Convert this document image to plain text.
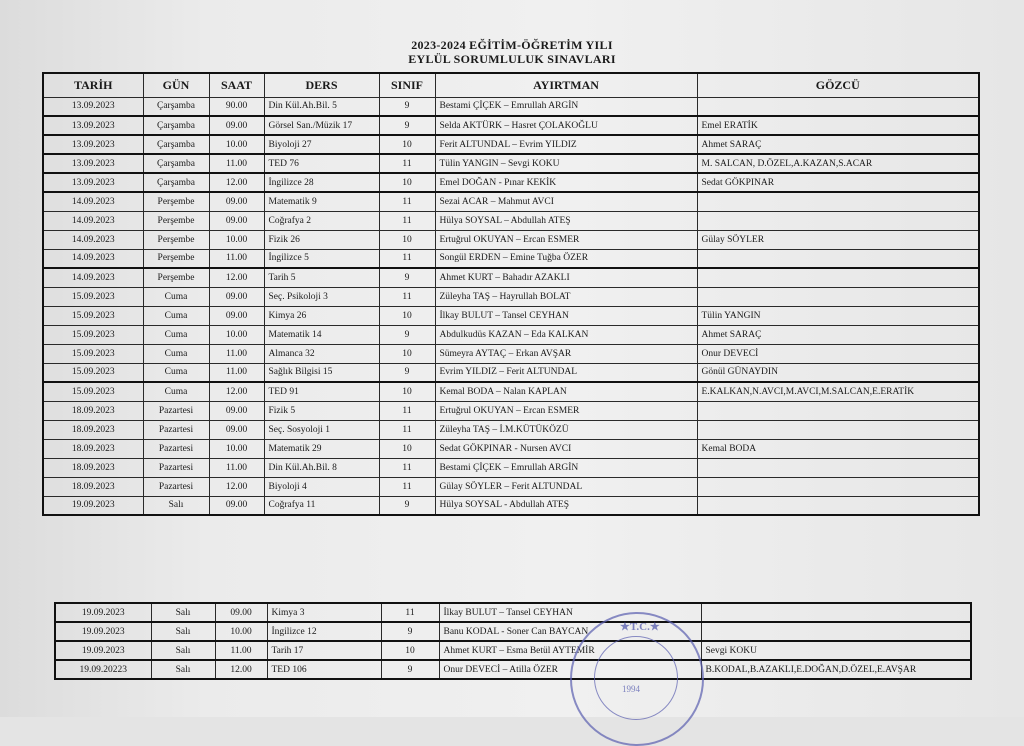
2023-2024 EĞİTİM-ÖĞRETİM YILI
EYLÜL SORUMLULUK SINAVLARI
TARİH	GÜN	SAAT	DERS	SINIF	AYIRTMAN	GÖZCÜ
13.09.2023	Çarşamba	90.00	Din Kül.Ah.Bil. 5	9	Bestami ÇİÇEK – Emrullah ARGİN	
13.09.2023	Çarşamba	09.00	Görsel San./Müzik 17	9	Selda AKTÜRK – Hasret ÇOLAKOĞLU	Emel ERATİK
13.09.2023	Çarşamba	10.00	Biyoloji 27	10	Ferit ALTUNDAL – Evrim YILDIZ	Ahmet SARAÇ
13.09.2023	Çarşamba	11.00	TED 76	11	Tülin YANGIN – Sevgi KOKU	M. SALCAN, D.ÖZEL,A.KAZAN,S.ACAR
13.09.2023	Çarşamba	12.00	İngilizce 28	10	Emel DOĞAN - Pınar KEKİK	Sedat GÖKPINAR
14.09.2023	Perşembe	09.00	Matematik 9	11	Sezai ACAR – Mahmut AVCI	
14.09.2023	Perşembe	09.00	Coğrafya 2	11	Hülya SOYSAL – Abdullah ATEŞ	
14.09.2023	Perşembe	10.00	Fizik 26	10	Ertuğrul OKUYAN – Ercan ESMER	Gülay SÖYLER
14.09.2023	Perşembe	11.00	İngilizce 5	11	Songül ERDEN – Emine Tuğba ÖZER	
14.09.2023	Perşembe	12.00	Tarih 5	9	Ahmet KURT – Bahadır AZAKLI	
15.09.2023	Cuma	09.00	Seç. Psikoloji 3	11	Züleyha TAŞ – Hayrullah BOLAT	
15.09.2023	Cuma	09.00	Kimya 26	10	İlkay BULUT – Tansel CEYHAN	Tülin YANGIN
15.09.2023	Cuma	10.00	Matematik 14	9	Abdulkudüs KAZAN – Eda KALKAN	Ahmet SARAÇ
15.09.2023	Cuma	11.00	Almanca 32	10	Sümeyra AYTAÇ – Erkan AVŞAR	Onur DEVECİ
15.09.2023	Cuma	11.00	Sağlık Bilgisi 15	9	Evrim YILDIZ – Ferit ALTUNDAL	Gönül GÜNAYDIN
15.09.2023	Cuma	12.00	TED 91	10	Kemal BODA – Nalan KAPLAN	E.KALKAN,N.AVCI,M.AVCI,M.SALCAN,E.ERATİK
18.09.2023	Pazartesi	09.00	Fizik 5	11	Ertuğrul OKUYAN – Ercan ESMER	
18.09.2023	Pazartesi	09.00	Seç. Sosyoloji 1	11	Züleyha TAŞ – İ.M.KÜTÜKÖZÜ	
18.09.2023	Pazartesi	10.00	Matematik 29	10	Sedat GÖKPINAR - Nursen AVCI	Kemal BODA
18.09.2023	Pazartesi	11.00	Din Kül.Ah.Bil. 8	11	Bestami ÇİÇEK – Emrullah ARGİN	
18.09.2023	Pazartesi	12.00	Biyoloji 4	11	Gülay SÖYLER – Ferit ALTUNDAL	
19.09.2023	Salı	09.00	Coğrafya 11	9	Hülya SOYSAL - Abdullah ATEŞ	
19.09.2023	Salı	09.00	Kimya 3	11	İlkay BULUT – Tansel CEYHAN	
19.09.2023	Salı	10.00	İngilizce 12	9	Banu KODAL - Soner Can BAYCAN	
19.09.2023	Salı	11.00	Tarih 17	10	Ahmet KURT – Esma Betül AYTEMİR	Sevgi KOKU
19.09.20223	Salı	12.00	TED 106	9	Onur DEVECİ – Atilla ÖZER	B.KODAL,B.AZAKLI,E.DOĞAN,D.ÖZEL,E.AVŞAR
★T.C.★
1994
